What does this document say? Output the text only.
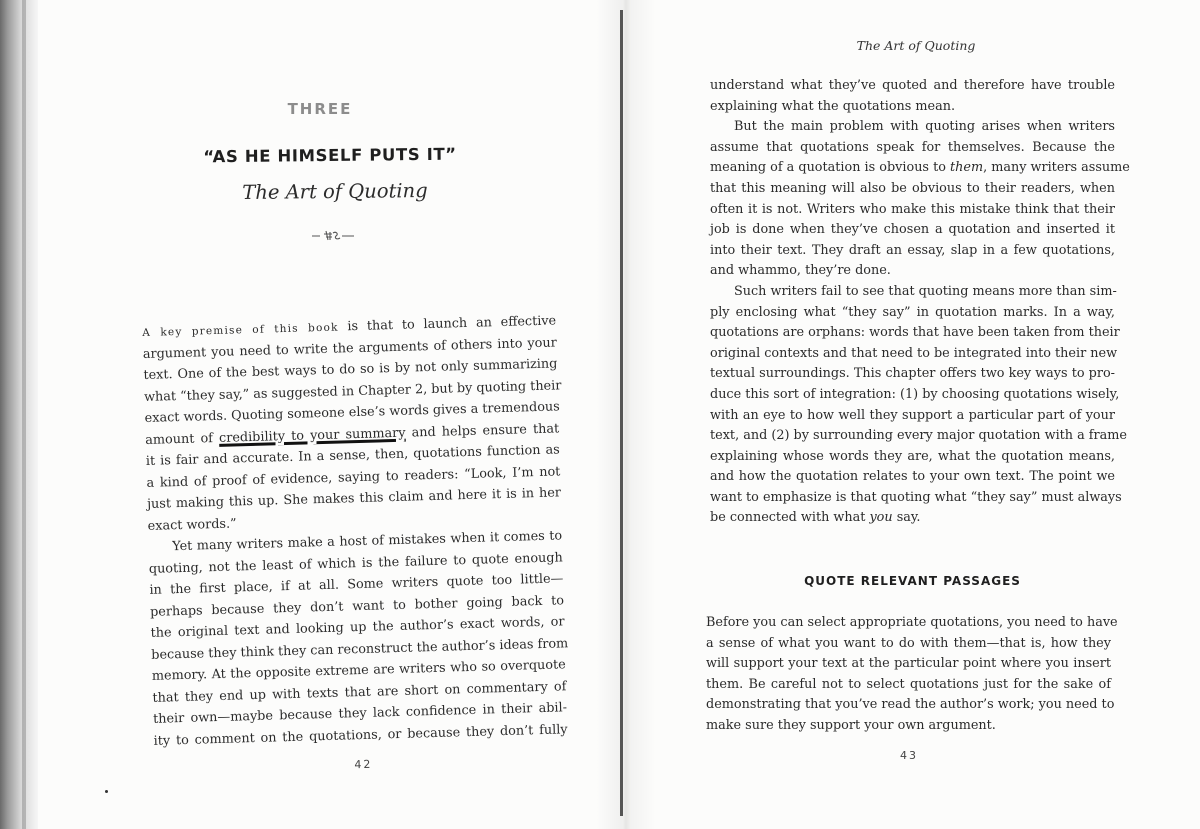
THREE
“AS HE HIMSELF PUTS IT”
The Art of Quoting
A key premise of this book is that to launch an effective
argument you need to write the arguments of others into your
text. One of the best ways to do so is by not only summarizing
what “they say,” as suggested in Chapter 2, but by quoting their
exact words. Quoting someone else’s words gives a tremendous
amount of credibility to your summary and helps ensure that
it is fair and accurate. In a sense, then, quotations function as
a kind of proof of evidence, saying to readers: “Look, I’m not
just making this up. She makes this claim and here it is in her
exact words.”
Yet many writers make a host of mistakes when it comes to
quoting, not the least of which is the failure to quote enough
in the first place, if at all. Some writers quote too little—
perhaps because they don’t want to bother going back to
the original text and looking up the author’s exact words, or
because they think they can reconstruct the author’s ideas from
memory. At the opposite extreme are writers who so overquote
that they end up with texts that are short on commentary of
their own—maybe because they lack confidence in their abil-
ity to comment on the quotations, or because they don’t fully
42
The Art of Quoting
understand what they’ve quoted and therefore have trouble
explaining what the quotations mean.
But the main problem with quoting arises when writers
assume that quotations speak for themselves. Because the
meaning of a quotation is obvious to them, many writers assume
that this meaning will also be obvious to their readers, when
often it is not. Writers who make this mistake think that their
job is done when they’ve chosen a quotation and inserted it
into their text. They draft an essay, slap in a few quotations,
and whammo, they’re done.
Such writers fail to see that quoting means more than sim-
ply enclosing what “they say” in quotation marks. In a way,
quotations are orphans: words that have been taken from their
original contexts and that need to be integrated into their new
textual surroundings. This chapter offers two key ways to pro-
duce this sort of integration: (1) by choosing quotations wisely,
with an eye to how well they support a particular part of your
text, and (2) by surrounding every major quotation with a frame
explaining whose words they are, what the quotation means,
and how the quotation relates to your own text. The point we
want to emphasize is that quoting what “they say” must always
be connected with what you say.
QUOTE RELEVANT PASSAGES
Before you can select appropriate quotations, you need to have
a sense of what you want to do with them—that is, how they
will support your text at the particular point where you insert
them. Be careful not to select quotations just for the sake of
demonstrating that you’ve read the author’s work; you need to
make sure they support your own argument.
43
